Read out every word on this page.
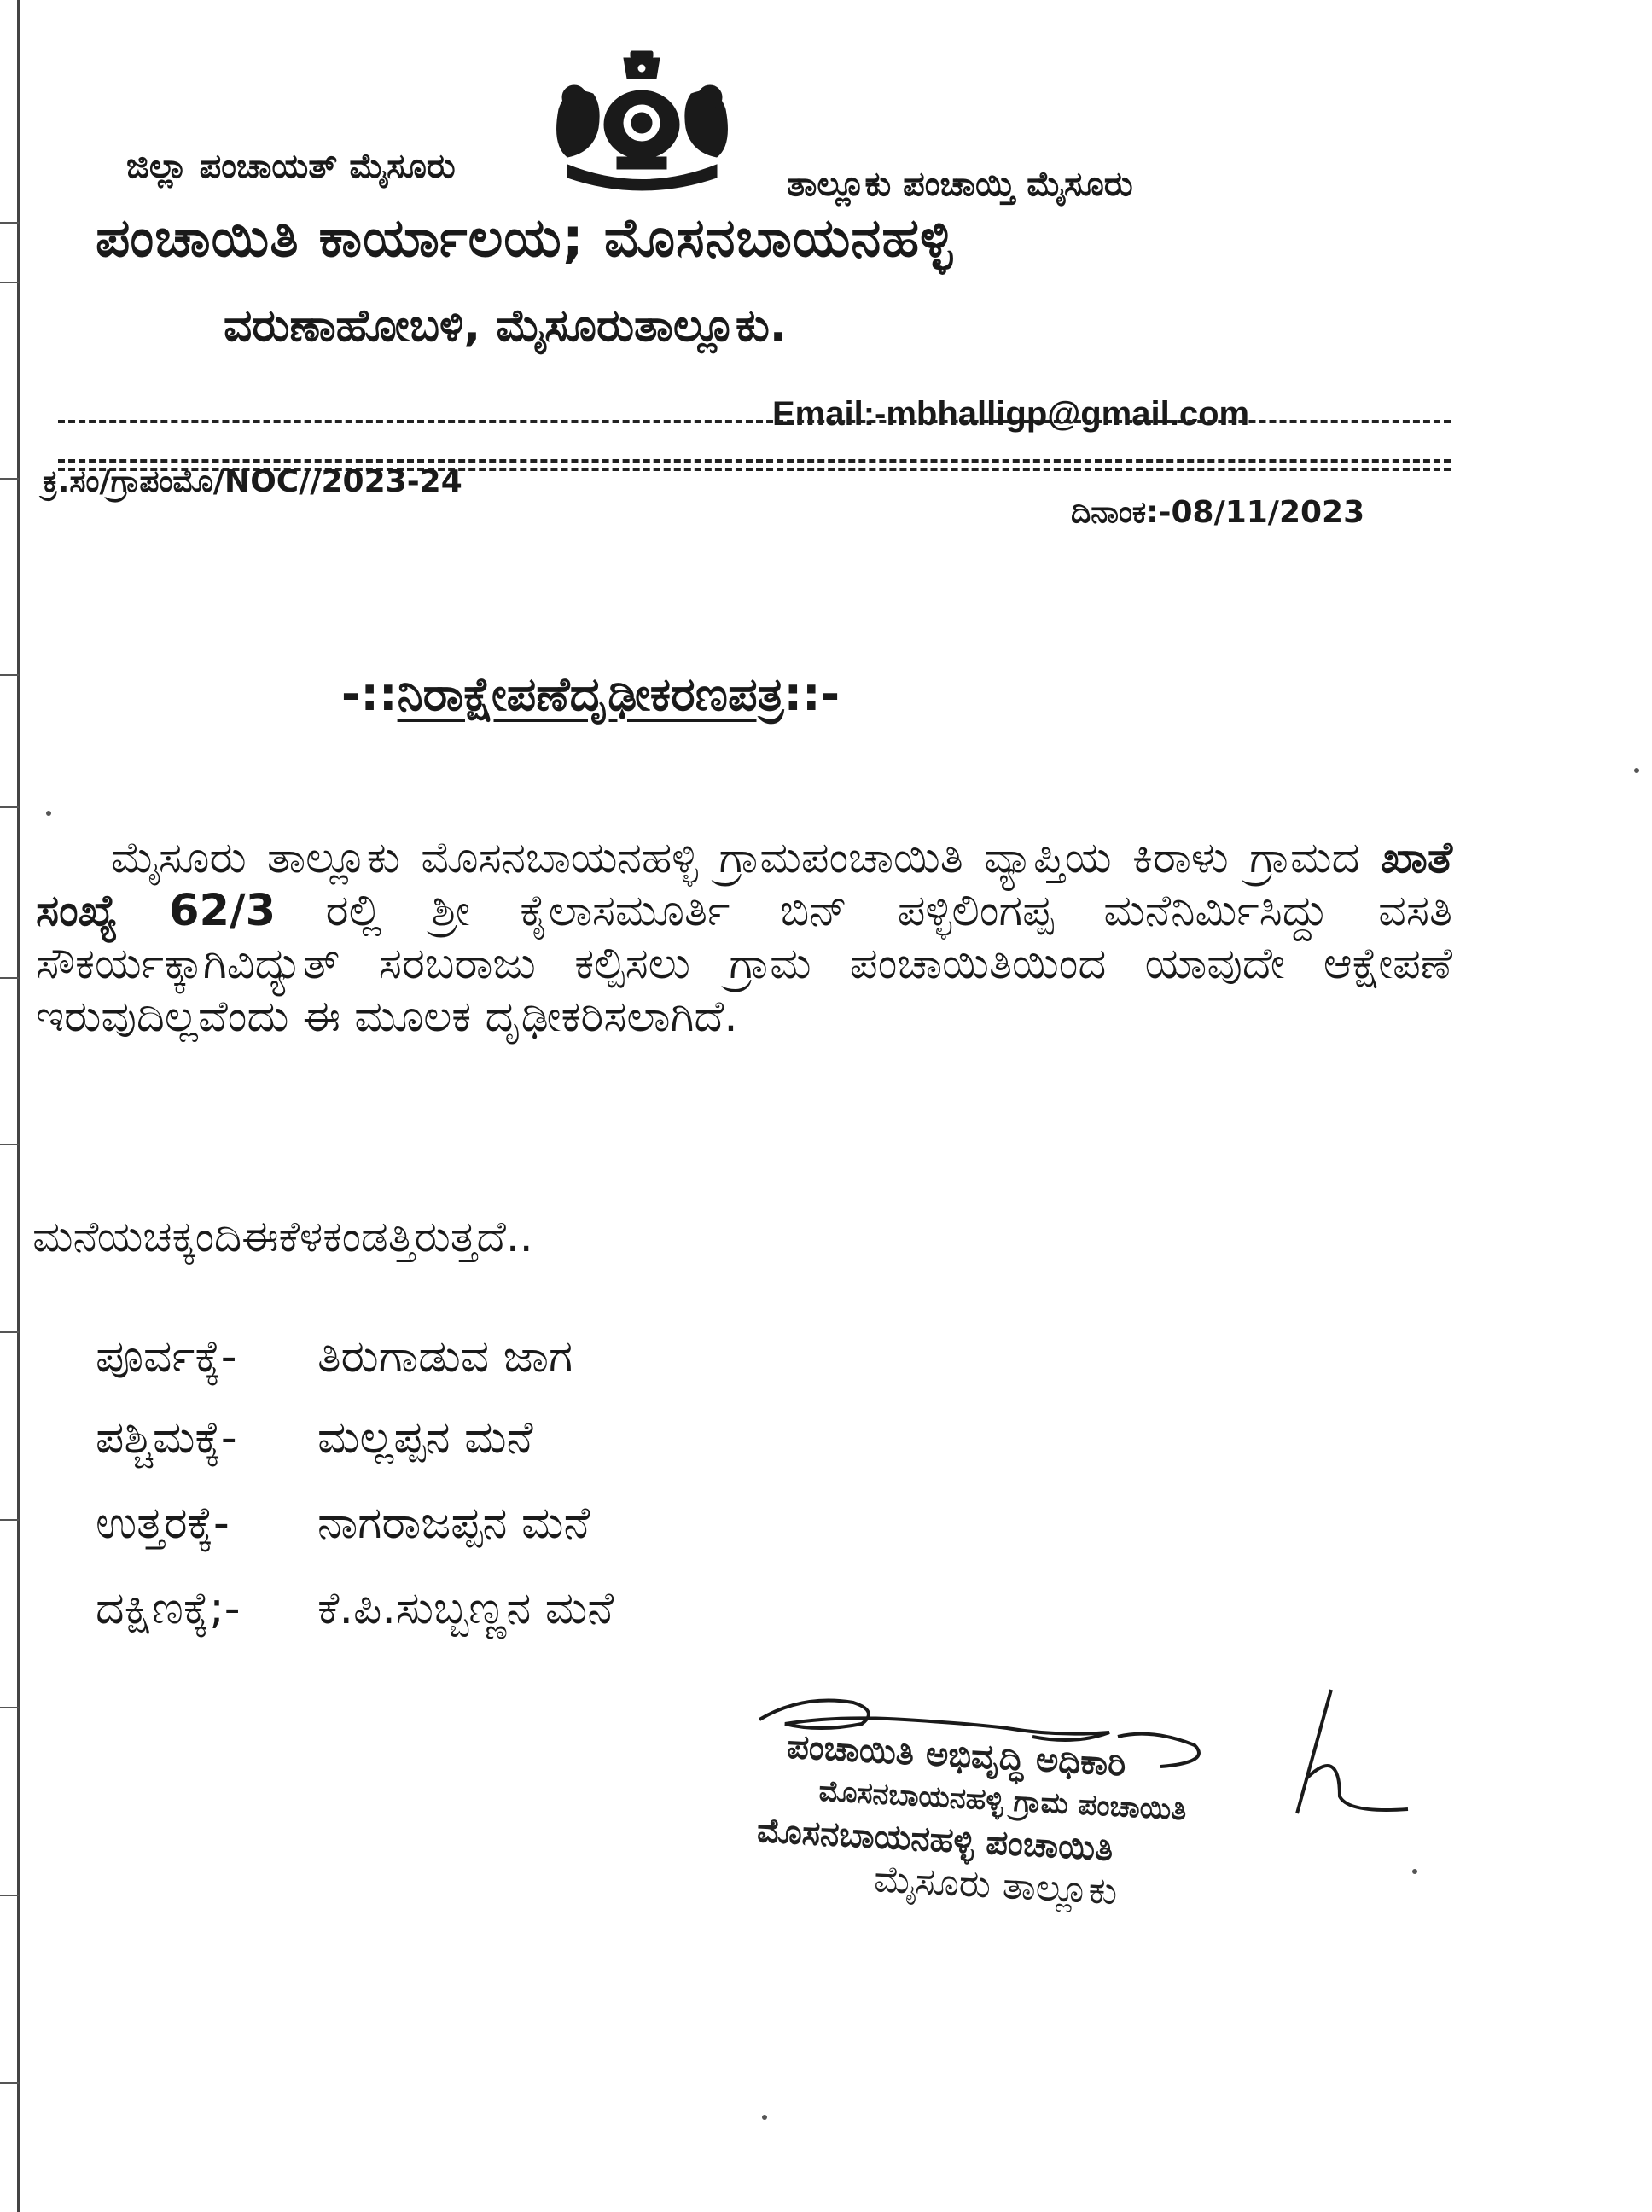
ಜಿಲ್ಲಾ ಪಂಚಾಯತ್ ಮೈಸೂರು	ತಾಲ್ಲೂಕು ಪಂಚಾಯ್ತಿ ಮೈಸೂರು
ಪಂಚಾಯಿತಿ ಕಾರ್ಯಾಲಯ; ಮೊಸನಬಾಯನಹಳ್ಳಿ
ವರುಣಾಹೋಬಳಿ, ಮೈಸೂರುತಾಲ್ಲೂಕು.
Email:-mbhalligp@gmail.com
ಕ್ರ.ಸಂ/ಗ್ರಾಪಂಮೊ/NOC//2023-24
ದಿನಾಂಕ:-08/11/2023
-::ನಿರಾಕ್ಷೇಪಣೆದೃಢೀಕರಣಪತ್ರ::-
ಮೈಸೂರು ತಾಲ್ಲೂಕು ಮೊಸನಬಾಯನಹಳ್ಳಿ ಗ್ರಾಮಪಂಚಾಯಿತಿ ವ್ಯಾಪ್ತಿಯ ಕಿರಾಳು ಗ್ರಾಮದ ಖಾತೆ ಸಂಖ್ಯೆ 62/3 ರಲ್ಲಿ ಶ್ರೀ ಕೈಲಾಸಮೂರ್ತಿ ಬಿನ್ ಪಳ್ಳಿಲಿಂಗಪ್ಪ ಮನೆನಿರ್ಮಿಸಿದ್ದು ವಸತಿ ಸೌಕರ್ಯಕ್ಕಾಗಿವಿದ್ಯುತ್ ಸರಬರಾಜು ಕಲ್ಪಿಸಲು ಗ್ರಾಮ ಪಂಚಾಯಿತಿಯಿಂದ ಯಾವುದೇ ಆಕ್ಷೇಪಣೆ ಇರುವುದಿಲ್ಲವೆಂದು ಈ ಮೂಲಕ ದೃಢೀಕರಿಸಲಾಗಿದೆ.
ಮನೆಯಚಕ್ಕಂದಿಈಕೆಳಕಂಡತ್ತಿರುತ್ತದೆ..
ಪೂರ್ವಕ್ಕೆ- ತಿರುಗಾಡುವ ಜಾಗ
ಪಶ್ಚಿಮಕ್ಕೆ- ಮಲ್ಲಪ್ಪನ ಮನೆ
ಉತ್ತರಕ್ಕೆ- ನಾಗರಾಜಪ್ಪನ ಮನೆ
ದಕ್ಷಿಣಕ್ಕೆ;- ಕೆ.ಪಿ.ಸುಬ್ಬಣ್ಣನ ಮನೆ
ಪಂಚಾಯಿತಿ ಅಭಿವೃದ್ಧಿ ಅಧಿಕಾರಿ
ಮೊಸನಬಾಯನಹಳ್ಳಿ ಗ್ರಾಮ ಪಂಚಾಯಿತಿ
ಮೊಸನಬಾಯನಹಳ್ಳಿ ಪಂಚಾಯಿತಿ
ಮೈಸೂರು ತಾಲ್ಲೂಕು
